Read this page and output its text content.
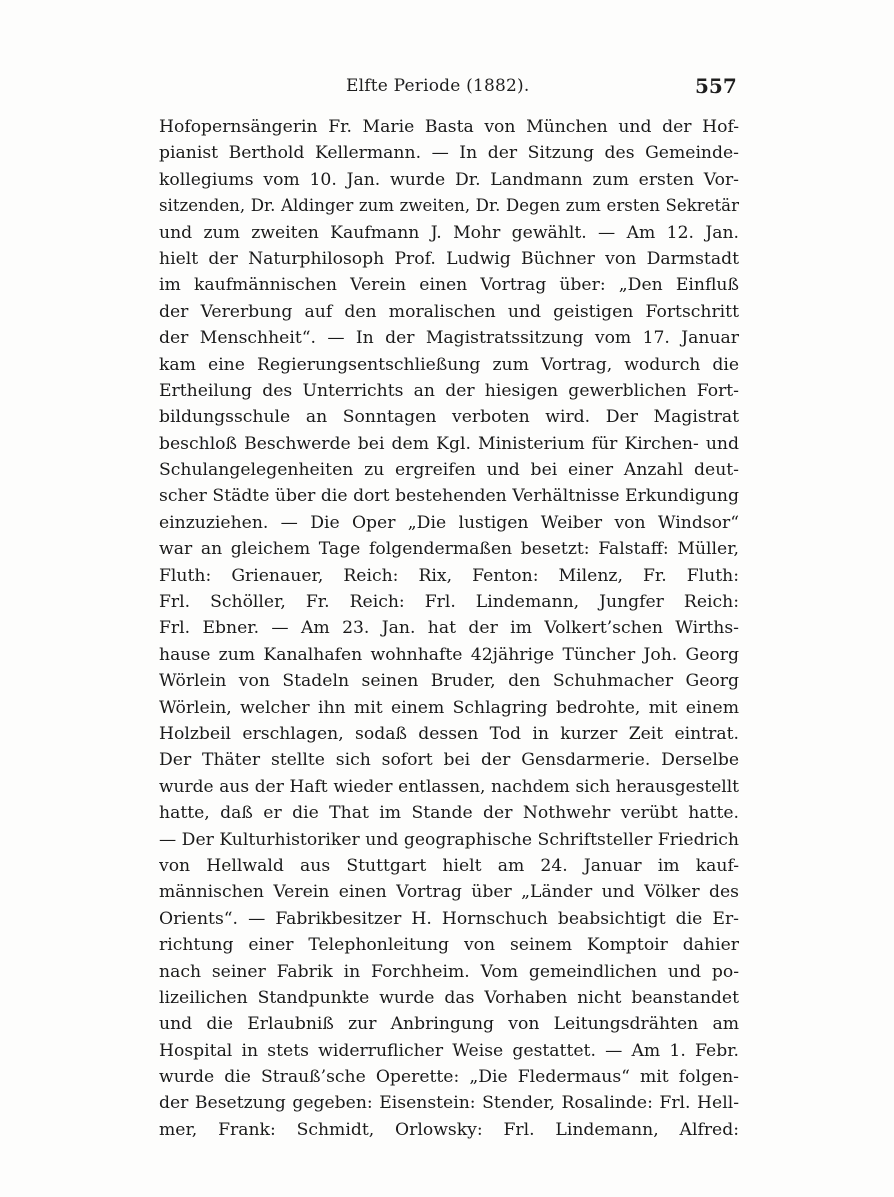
Elfte Periode (1882).	557
Hofopernsängerin Fr. Marie Basta von München und der Hof-
pianist Berthold Kellermann. — In der Sitzung des Gemeinde-
kollegiums vom 10. Jan. wurde Dr. Landmann zum ersten Vor-
sitzenden, Dr. Aldinger zum zweiten, Dr. Degen zum ersten Sekretär
und zum zweiten Kaufmann J. Mohr gewählt. — Am 12. Jan.
hielt der Naturphilosoph Prof. Ludwig Büchner von Darmstadt
im kaufmännischen Verein einen Vortrag über: „Den Einfluß
der Vererbung auf den moralischen und geistigen Fortschritt
der Menschheit“. — In der Magistratssitzung vom 17. Januar
kam eine Regierungsentschließung zum Vortrag, wodurch die
Ertheilung des Unterrichts an der hiesigen gewerblichen Fort-
bildungsschule an Sonntagen verboten wird. Der Magistrat
beschloß Beschwerde bei dem Kgl. Ministerium für Kirchen- und
Schulangelegenheiten zu ergreifen und bei einer Anzahl deut-
scher Städte über die dort bestehenden Verhältnisse Erkundigung
einzuziehen. — Die Oper „Die lustigen Weiber von Windsor“
war an gleichem Tage folgendermaßen besetzt: Falstaff: Müller,
Fluth: Grienauer, Reich: Rix, Fenton: Milenz, Fr. Fluth:
Frl. Schöller, Fr. Reich: Frl. Lindemann, Jungfer Reich:
Frl. Ebner. — Am 23. Jan. hat der im Volkert’schen Wirths-
hause zum Kanalhafen wohnhafte 42jährige Tüncher Joh. Georg
Wörlein von Stadeln seinen Bruder, den Schuhmacher Georg
Wörlein, welcher ihn mit einem Schlagring bedrohte, mit einem
Holzbeil erschlagen, sodaß dessen Tod in kurzer Zeit eintrat.
Der Thäter stellte sich sofort bei der Gensdarmerie. Derselbe
wurde aus der Haft wieder entlassen, nachdem sich herausgestellt
hatte, daß er die That im Stande der Nothwehr verübt hatte.
— Der Kulturhistoriker und geographische Schriftsteller Friedrich
von Hellwald aus Stuttgart hielt am 24. Januar im kauf-
männischen Verein einen Vortrag über „Länder und Völker des
Orients“. — Fabrikbesitzer H. Hornschuch beabsichtigt die Er-
richtung einer Telephonleitung von seinem Komptoir dahier
nach seiner Fabrik in Forchheim. Vom gemeindlichen und po-
lizeilichen Standpunkte wurde das Vorhaben nicht beanstandet
und die Erlaubniß zur Anbringung von Leitungsdrähten am
Hospital in stets widerruflicher Weise gestattet. — Am 1. Febr.
wurde die Strauß’sche Operette: „Die Fledermaus“ mit folgen-
der Besetzung gegeben: Eisenstein: Stender, Rosalinde: Frl. Hell-
mer, Frank: Schmidt, Orlowsky: Frl. Lindemann, Alfred:
